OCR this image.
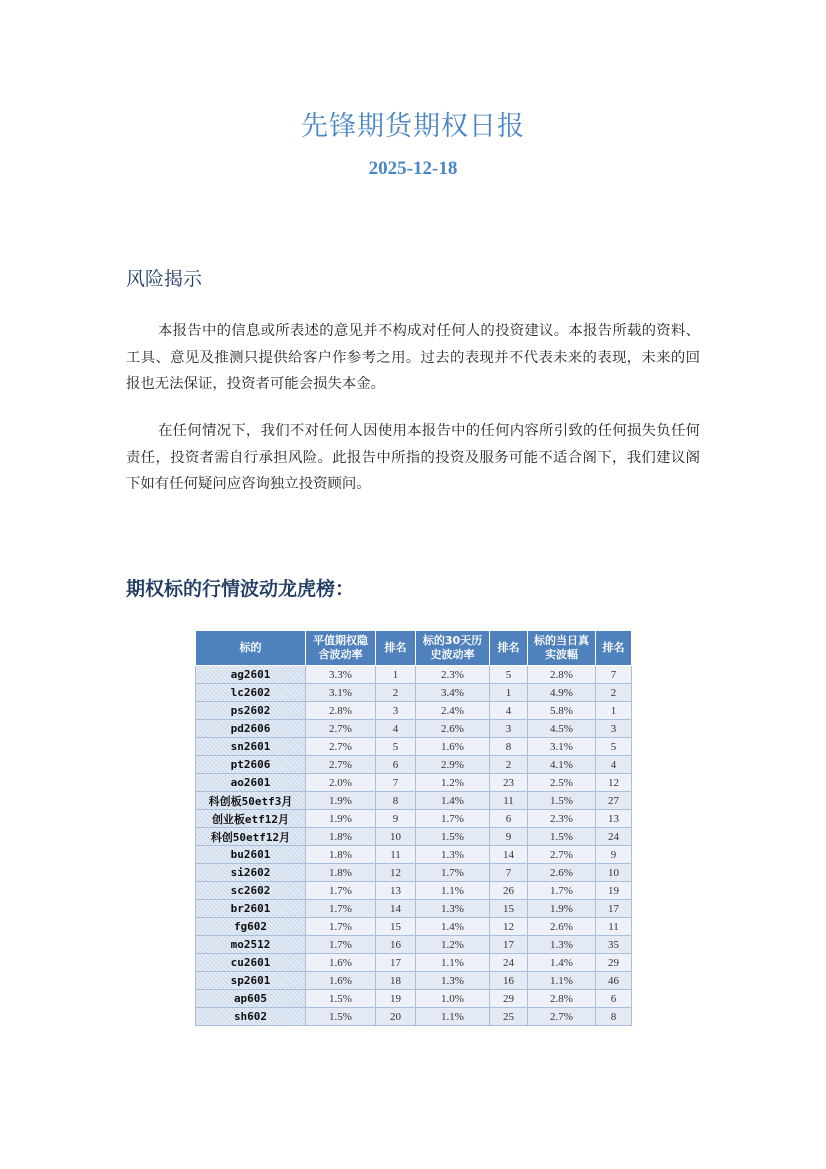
先锋期货期权日报
2025-12-18
风险揭示
本报告中的信息或所表述的意见并不构成对任何人的投资建议。本报告所载的资料、工具、意见及推测只提供给客户作参考之用。过去的表现并不代表未来的表现，未来的回报也无法保证，投资者可能会损失本金。
在任何情况下，我们不对任何人因使用本报告中的任何内容所引致的任何损失负任何责任，投资者需自行承担风险。此报告中所指的投资及服务可能不适合阁下，我们建议阁下如有任何疑问应咨询独立投资顾问。
期权标的行情波动龙虎榜：
标的	平值期权隐含波动率	排名	标的30天历史波动率	排名	标的当日真实波幅	排名
ag2601	3.3%	1	2.3%	5	2.8%	7
lc2602	3.1%	2	3.4%	1	4.9%	2
ps2602	2.8%	3	2.4%	4	5.8%	1
pd2606	2.7%	4	2.6%	3	4.5%	3
sn2601	2.7%	5	1.6%	8	3.1%	5
pt2606	2.7%	6	2.9%	2	4.1%	4
ao2601	2.0%	7	1.2%	23	2.5%	12
科创板50etf3月	1.9%	8	1.4%	11	1.5%	27
创业板etf12月	1.9%	9	1.7%	6	2.3%	13
科创50etf12月	1.8%	10	1.5%	9	1.5%	24
bu2601	1.8%	11	1.3%	14	2.7%	9
si2602	1.8%	12	1.7%	7	2.6%	10
sc2602	1.7%	13	1.1%	26	1.7%	19
br2601	1.7%	14	1.3%	15	1.9%	17
fg602	1.7%	15	1.4%	12	2.6%	11
mo2512	1.7%	16	1.2%	17	1.3%	35
cu2601	1.6%	17	1.1%	24	1.4%	29
sp2601	1.6%	18	1.3%	16	1.1%	46
ap605	1.5%	19	1.0%	29	2.8%	6
sh602	1.5%	20	1.1%	25	2.7%	8
